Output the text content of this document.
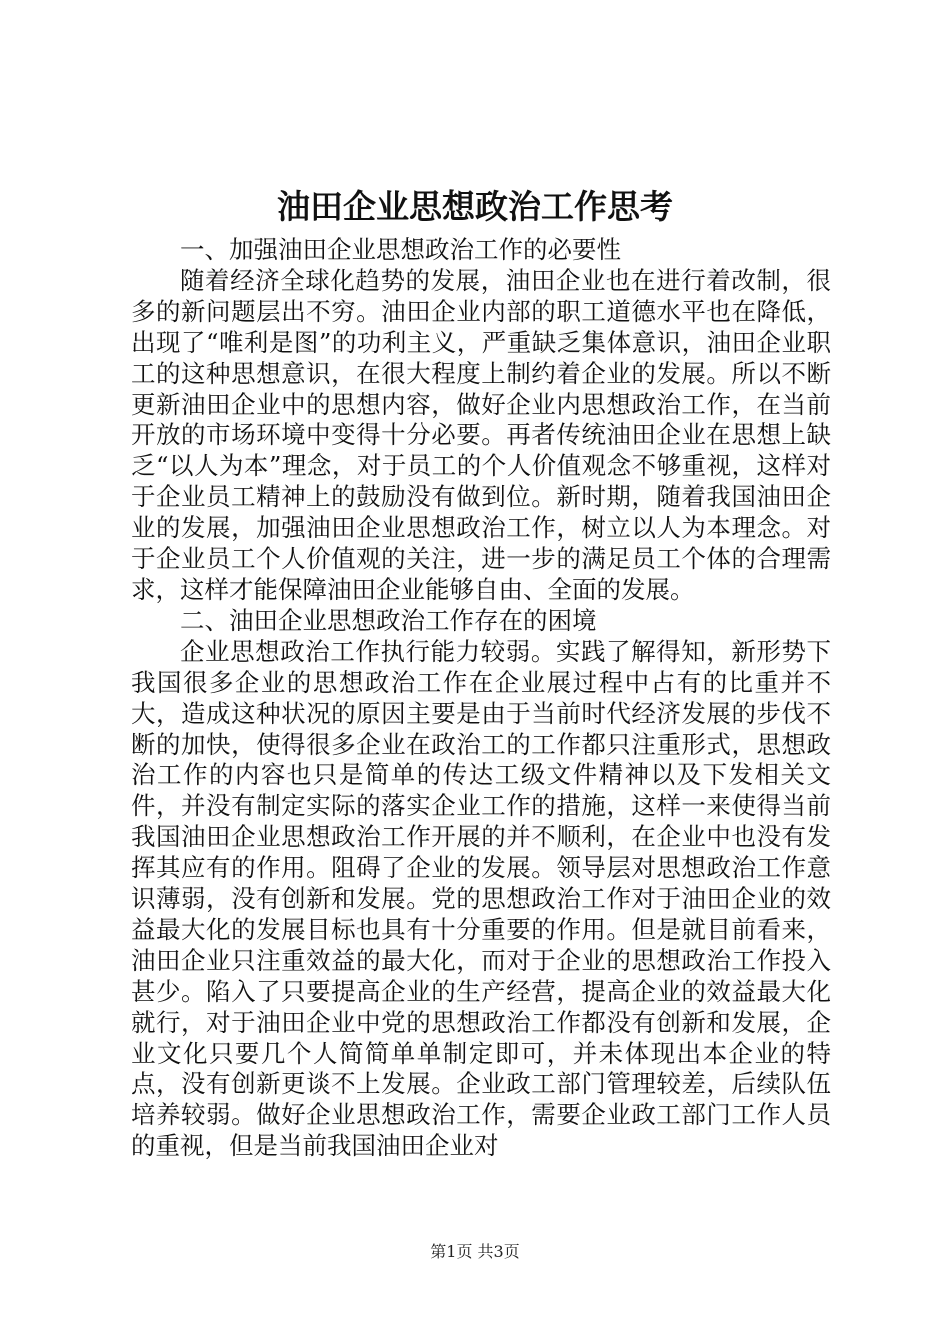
油田企业思想政治工作思考

一、加强油田企业思想政治工作的必要性

随着经济全球化趋势的发展，油田企业也在进行着改制，很多的新问题层出不穷。油田企业内部的职工道德水平也在降低，出现了“唯利是图”的功利主义，严重缺乏集体意识，油田企业职工的这种思想意识，在很大程度上制约着企业的发展。所以不断更新油田企业中的思想内容，做好企业内思想政治工作，在当前开放的市场环境中变得十分必要。再者传统油田企业在思想上缺乏“以人为本”理念，对于员工的个人价值观念不够重视，这样对于企业员工精神上的鼓励没有做到位。新时期，随着我国油田企业的发展，加强油田企业思想政治工作，树立以人为本理念。对于企业员工个人价值观的关注，进一步的满足员工个体的合理需求，这样才能保障油田企业能够自由、全面的发展。

二、油田企业思想政治工作存在的困境

企业思想政治工作执行能力较弱。实践了解得知，新形势下我国很多企业的思想政治工作在企业展过程中占有的比重并不大，造成这种状况的原因主要是由于当前时代经济发展的步伐不断的加快，使得很多企业在政治工的工作都只注重形式，思想政治工作的内容也只是简单的传达工级文件精神以及下发相关文件，并没有制定实际的落实企业工作的措施，这样一来使得当前我国油田企业思想政治工作开展的并不顺利，在企业中也没有发挥其应有的作用。阻碍了企业的发展。领导层对思想政治工作意识薄弱，没有创新和发展。党的思想政治工作对于油田企业的效益最大化的发展目标也具有十分重要的作用。但是就目前看来，油田企业只注重效益的最大化，而对于企业的思想政治工作投入甚少。陷入了只要提高企业的生产经营，提高企业的效益最大化就行，对于油田企业中党的思想政治工作都没有创新和发展，企业文化只要几个人简简单单制定即可，并未体现出本企业的特点，没有创新更谈不上发展。企业政工部门管理较差，后续队伍培养较弱。做好企业思想政治工作，需要企业政工部门工作人员的重视，但是当前我国油田企业对

第1页 共3页
